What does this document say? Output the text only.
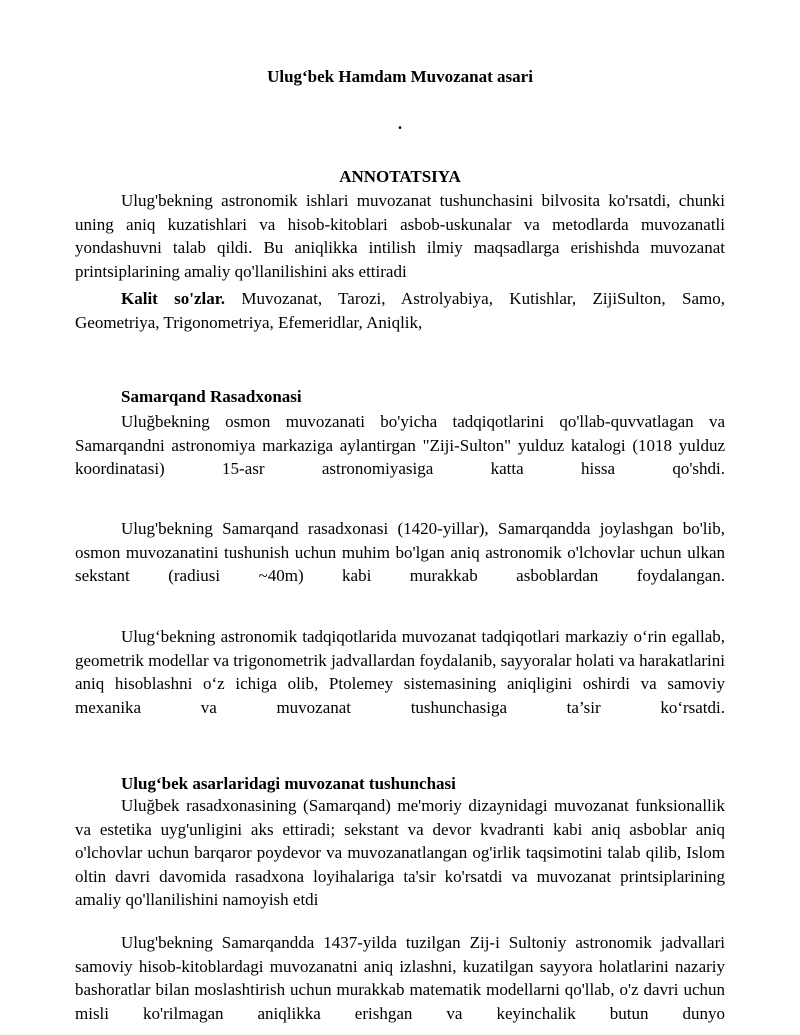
Ulug‘bek Hamdam Muvozanat asari
.
ANNOTATSIYA

Ulug'bekning astronomik ishlari muvozanat tushunchasini bilvosita ko'rsatdi, chunki uning aniq kuzatishlari va hisob-kitoblari asbob-uskunalar va metodlarda muvozanatli yondashuvni talab qildi. Bu aniqlikka intilish ilmiy maqsadlarga erishishda muvozanat printsiplarining amaliy qo'llanilishini aks ettiradi

Kalit so'zlar. Muvozanat, Tarozi, Astrolyabiya, Kutishlar, ZijiSulton, Samo, Geometriya, Trigonometriya, Efemeridlar, Aniqlik,

Samarqand Rasadxonasi

Uluğbekning osmon muvozanati bo'yicha tadqiqotlarini qo'llab-quvvatlagan va Samarqandni astronomiya markaziga aylantirgan "Ziji-Sulton" yulduz katalogi (1018 yulduz koordinatasi) 15-asr astronomiyasiga katta hissa qo'shdi.

Ulug'bekning Samarqand rasadxonasi (1420-yillar), Samarqandda joylashgan bo'lib, osmon muvozanatini tushunish uchun muhim bo'lgan aniq astronomik o'lchovlar uchun ulkan sekstant (radiusi ~40m) kabi murakkab asboblardan foydalangan.

Ulug‘bekning astronomik tadqiqotlarida muvozanat tadqiqotlari markaziy o‘rin egallab, geometrik modellar va trigonometrik jadvallardan foydalanib, sayyoralar holati va harakatlarini aniq hisoblashni o‘z ichiga olib, Ptolemey sistemasining aniqligini oshirdi va samoviy mexanika va muvozanat tushunchasiga ta’sir ko‘rsatdi.

Ulug‘bek asarlaridagi muvozanat tushunchasi

Uluğbek rasadxonasining (Samarqand) me'moriy dizaynidagi muvozanat funksionallik va estetika uyg'unligini aks ettiradi; sekstant va devor kvadranti kabi aniq asboblar aniq o'lchovlar uchun barqaror poydevor va muvozanatlangan og'irlik taqsimotini talab qilib, Islom oltin davri davomida rasadxona loyihalariga ta'sir ko'rsatdi va muvozanat printsiplarining amaliy qo'llanilishini namoyish etdi

Ulug'bekning Samarqandda 1437-yilda tuzilgan Zij-i Sultoniy astronomik jadvallari samoviy hisob-kitoblardagi muvozanatni aniq izlashni, kuzatilgan sayyora holatlarini nazariy bashoratlar bilan moslashtirish uchun murakkab matematik modellarni qo'llab, o'z davri uchun misli ko'rilmagan aniqlikka erishgan va keyinchalik butun dunyo
